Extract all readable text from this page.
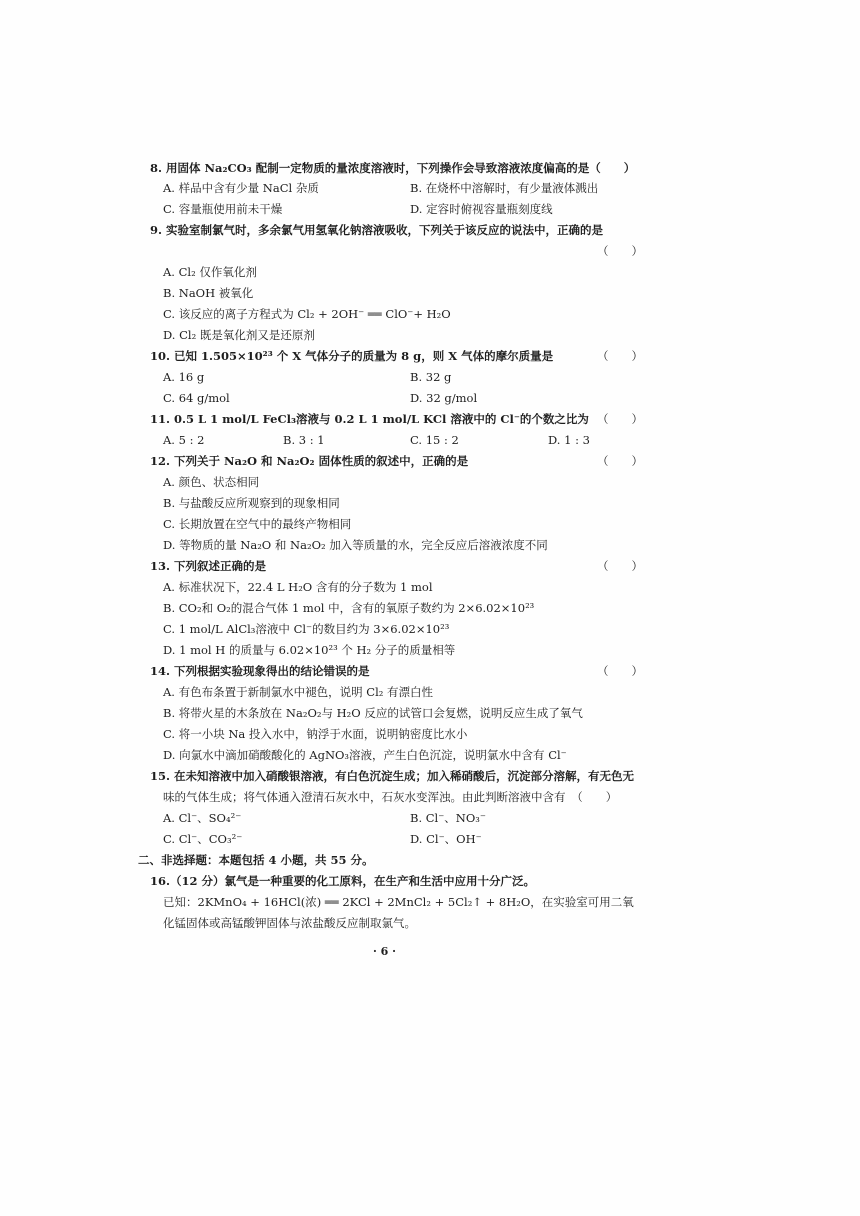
8. 用固体 Na₂CO₃ 配制一定物质的量浓度溶液时，下列操作会导致溶液浓度偏高的是（　　）
A. 样品中含有少量 NaCl 杂质	B. 在烧杯中溶解时，有少量液体溅出
C. 容量瓶使用前未干燥	D. 定容时俯视容量瓶刻度线
9. 实验室制氯气时，多余氯气用氢氧化钠溶液吸收，下列关于该反应的说法中，正确的是
（　　）
A. Cl₂ 仅作氧化剂
B. NaOH 被氧化
C. 该反应的离子方程式为 Cl₂ + 2OH⁻ ══ ClO⁻+ H₂O
D. Cl₂ 既是氧化剂又是还原剂
10. 已知 1.505×10²³ 个 X 气体分子的质量为 8 g，则 X 气体的摩尔质量是	（　　）
A. 16 g	B. 32 g
C. 64 g/mol	D. 32 g/mol
11. 0.5 L 1 mol/L FeCl₃溶液与 0.2 L 1 mol/L KCl 溶液中的 Cl⁻的个数之比为 （　　）
A. 5 : 2	B. 3 : 1	C. 15 : 2	D. 1 : 3
12. 下列关于 Na₂O 和 Na₂O₂ 固体性质的叙述中，正确的是	（　　）
A. 颜色、状态相同
B. 与盐酸反应所观察到的现象相同
C. 长期放置在空气中的最终产物相同
D. 等物质的量 Na₂O 和 Na₂O₂ 加入等质量的水，完全反应后溶液浓度不同
13. 下列叙述正确的是	（　　）
A. 标准状况下，22.4 L H₂O 含有的分子数为 1 mol
B. CO₂和 O₂的混合气体 1 mol 中，含有的氧原子数约为 2×6.02×10²³
C. 1 mol/L AlCl₃溶液中 Cl⁻的数目约为 3×6.02×10²³
D. 1 mol H 的质量与 6.02×10²³ 个 H₂ 分子的质量相等
14. 下列根据实验现象得出的结论错误的是	（　　）
A. 有色布条置于新制氯水中褪色，说明 Cl₂ 有漂白性
B. 将带火星的木条放在 Na₂O₂与 H₂O 反应的试管口会复燃，说明反应生成了氧气
C. 将一小块 Na 投入水中，钠浮于水面，说明钠密度比水小
D. 向氯水中滴加硝酸酸化的 AgNO₃溶液，产生白色沉淀，说明氯水中含有 Cl⁻
15. 在未知溶液中加入硝酸银溶液，有白色沉淀生成；加入稀硝酸后，沉淀部分溶解，有无色无
味的气体生成；将气体通入澄清石灰水中，石灰水变浑浊。由此判断溶液中含有　（　　）
A. Cl⁻、SO₄²⁻	B. Cl⁻、NO₃⁻
C. Cl⁻、CO₃²⁻	D. Cl⁻、OH⁻
二、非选择题：本题包括 4 小题，共 55 分。
16.（12 分）氯气是一种重要的化工原料，在生产和生活中应用十分广泛。
已知：2KMnO₄ + 16HCl(浓) ══ 2KCl + 2MnCl₂ + 5Cl₂↑ + 8H₂O，在实验室可用二氧
化锰固体或高锰酸钾固体与浓盐酸反应制取氯气。
· 6 ·
